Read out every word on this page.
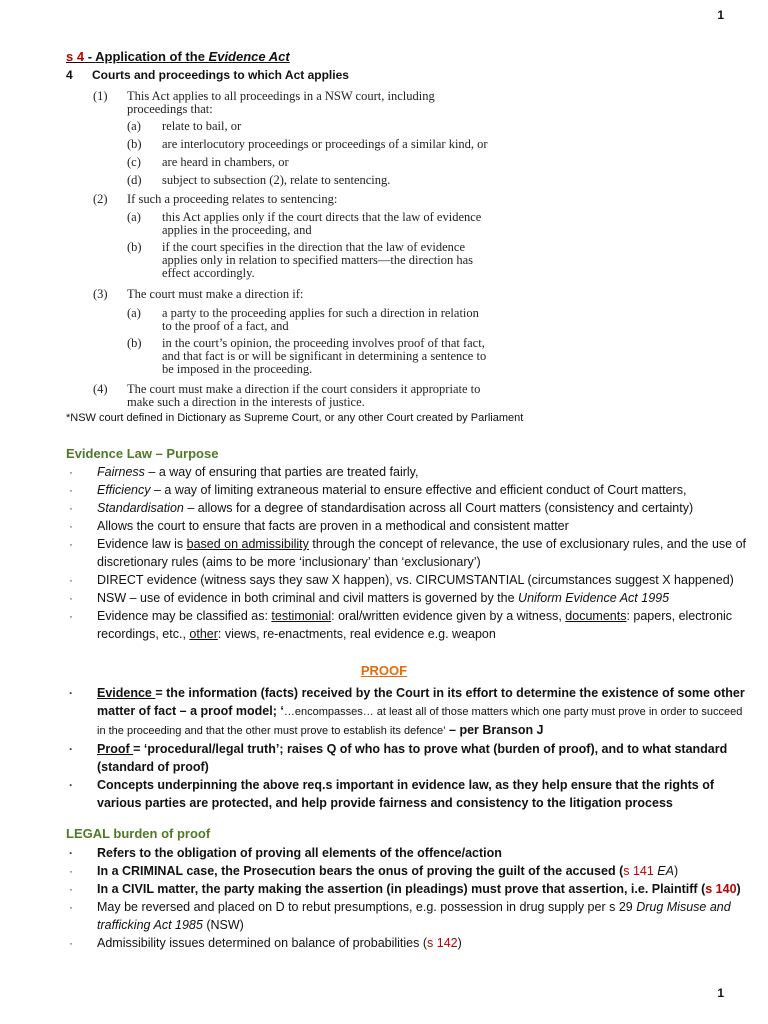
1
s 4 - Application of the Evidence Act
4 Courts and proceedings to which Act applies
(1) This Act applies to all proceedings in a NSW court, including
proceedings that:
(a) relate to bail, or
(b) are interlocutory proceedings or proceedings of a similar kind, or
(c) are heard in chambers, or
(d) subject to subsection (2), relate to sentencing.
(2) If such a proceeding relates to sentencing:
(a) this Act applies only if the court directs that the law of evidence
applies in the proceeding, and
(b) if the court specifies in the direction that the law of evidence
applies only in relation to specified matters—the direction has
effect accordingly.
(3) The court must make a direction if:
(a) a party to the proceeding applies for such a direction in relation
to the proof of a fact, and
(b) in the court’s opinion, the proceeding involves proof of that fact,
and that fact is or will be significant in determining a sentence to
be imposed in the proceeding.
(4) The court must make a direction if the court considers it appropriate to
make such a direction in the interests of justice.
*NSW court defined in Dictionary as Supreme Court, or any other Court created by Parliament
Evidence Law – Purpose
· Fairness – a way of ensuring that parties are treated fairly,
· Efficiency – a way of limiting extraneous material to ensure effective and efficient conduct of Court matters,
· Standardisation – allows for a degree of standardisation across all Court matters (consistency and certainty)
· Allows the court to ensure that facts are proven in a methodical and consistent matter
· Evidence law is based on admissibility through the concept of relevance, the use of exclusionary rules, and the use of discretionary rules (aims to be more ‘inclusionary’ than ‘exclusionary’)
· DIRECT evidence (witness says they saw X happen), vs. CIRCUMSTANTIAL (circumstances suggest X happened)
· NSW – use of evidence in both criminal and civil matters is governed by the Uniform Evidence Act 1995
· Evidence may be classified as: testimonial: oral/written evidence given by a witness, documents: papers, electronic recordings, etc., other: views, re-enactments, real evidence e.g. weapon
PROOF
· Evidence = the information (facts) received by the Court in its effort to determine the existence of some other matter of fact – a proof model; ‘…encompasses… at least all of those matters which one party must prove in order to succeed in the proceeding and that the other must prove to establish its defence’ – per Branson J
· Proof = ‘procedural/legal truth’; raises Q of who has to prove what (burden of proof), and to what standard (standard of proof)
· Concepts underpinning the above req.s important in evidence law, as they help ensure that the rights of various parties are protected, and help provide fairness and consistency to the litigation process
LEGAL burden of proof
· Refers to the obligation of proving all elements of the offence/action
· In a CRIMINAL case, the Prosecution bears the onus of proving the guilt of the accused (s 141 EA)
· In a CIVIL matter, the party making the assertion (in pleadings) must prove that assertion, i.e. Plaintiff (s 140)
· May be reversed and placed on D to rebut presumptions, e.g. possession in drug supply per s 29 Drug Misuse and trafficking Act 1985 (NSW)
· Admissibility issues determined on balance of probabilities (s 142)
1
